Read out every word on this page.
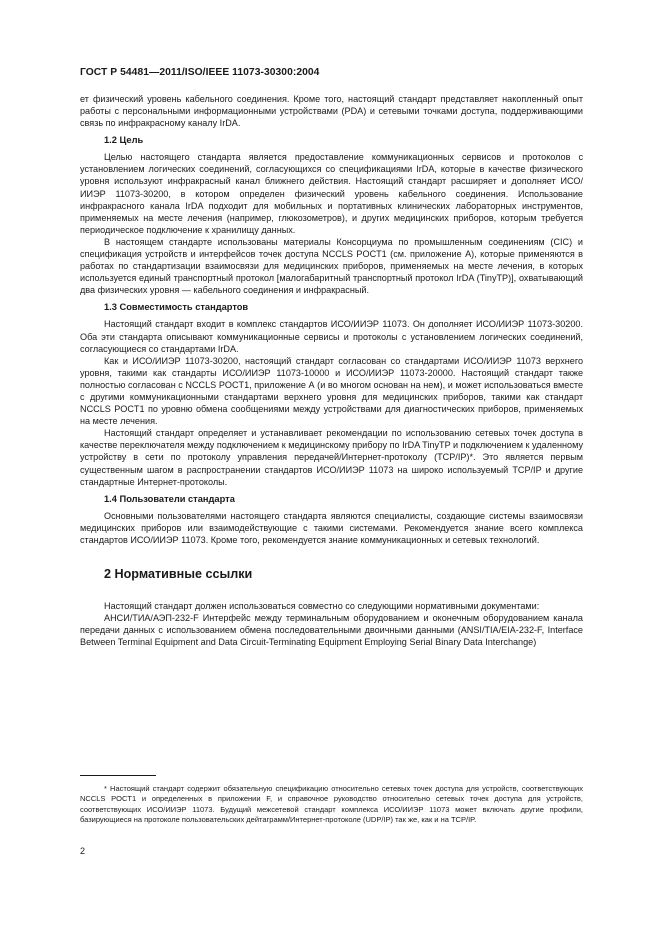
ГОСТ Р 54481—2011/ISO/IEEE 11073-30300:2004

ет физический уровень кабельного соединения. Кроме того, настоящий стандарт представляет накопленный опыт работы с персональными информационными устройствами (PDA) и сетевыми точками доступа, поддерживающими связь по инфракрасному каналу IrDA.

1.2 Цель

Целью настоящего стандарта является предоставление коммуникационных сервисов и протоколов с установлением логических соединений, согласующихся со спецификациями IrDA, которые в качестве физического уровня используют инфракрасный канал ближнего действия. Настоящий стандарт расширяет и дополняет ИСО/ИИЭР 11073-30200, в котором определен физический уровень кабельного соединения. Использование инфракрасного канала IrDA подходит для мобильных и портативных клинических лабораторных инструментов, применяемых на месте лечения (например, глюкозометров), и других медицинских приборов, которым требуется периодическое подключение к хранилищу данных.

В настоящем стандарте использованы материалы Консорциума по промышленным соединениям (CIC) и спецификация устройств и интерфейсов точек доступа NCCLS POCT1 (см. приложение А), которые применяются в работах по стандартизации взаимосвязи для медицинских приборов, применяемых на месте лечения, в которых используется единый транспортный протокол [малогабаритный транспортный протокол IrDA (TinyTP)], охватывающий два физических уровня — кабельного соединения и инфракрасный.

1.3 Совместимость стандартов

Настоящий стандарт входит в комплекс стандартов ИСО/ИИЭР 11073. Он дополняет ИСО/ИИЭР 11073-30200. Оба эти стандарта описывают коммуникационные сервисы и протоколы с установлением логических соединений, согласующиеся со стандартами IrDA.

Как и ИСО/ИИЭР 11073-30200, настоящий стандарт согласован со стандартами ИСО/ИИЭР 11073 верхнего уровня, такими как стандарты ИСО/ИИЭР 11073-10000 и ИСО/ИИЭР 11073-20000. Настоящий стандарт также полностью согласован с NCCLS POCT1, приложение А (и во многом основан на нем), и может использоваться вместе с другими коммуникационными стандартами верхнего уровня для медицинских приборов, такими как стандарт NCCLS POCT1 по уровню обмена сообщениями между устройствами для диагностических приборов, применяемых на месте лечения.

Настоящий стандарт определяет и устанавливает рекомендации по использованию сетевых точек доступа в качестве переключателя между подключением к медицинскому прибору по IrDA TinyTP и подключением к удаленному устройству в сети по протоколу управления передачей/Интернет-протоколу (TCP/IP)*. Это является первым существенным шагом в распространении стандартов ИСО/ИИЭР 11073 на широко используемый TCP/IP и другие стандартные Интернет-протоколы.

1.4 Пользователи стандарта

Основными пользователями настоящего стандарта являются специалисты, создающие системы взаимосвязи медицинских приборов или взаимодействующие с такими системами. Рекомендуется знание всего комплекса стандартов ИСО/ИИЭР 11073. Кроме того, рекомендуется знание коммуникационных и сетевых технологий.

2 Нормативные ссылки

Настоящий стандарт должен использоваться совместно со следующими нормативными документами:

АНСИ/ТИА/АЭП-232-F Интерфейс между терминальным оборудованием и оконечным оборудованием канала передачи данных с использованием обмена последовательными двоичными данными (ANSI/TIA/EIA-232-F, Interface Between Terminal Equipment and Data Circuit-Terminating Equipment Employing Serial Binary Data Interchange)

* Настоящий стандарт содержит обязательную спецификацию относительно сетевых точек доступа для устройств, соответствующих NCCLS POCT1 и определенных в приложении F, и справочное руководство относительно сетевых точек доступа для устройств, соответствующих ИСО/ИИЭР 11073. Будущий межсетевой стандарт комплекса ИСО/ИИЭР 11073 может включать другие профили, базирующиеся на протоколе пользовательских дейтаграмм/Интернет-протоколе (UDP/IP) так же, как и на TCP/IP.

2
